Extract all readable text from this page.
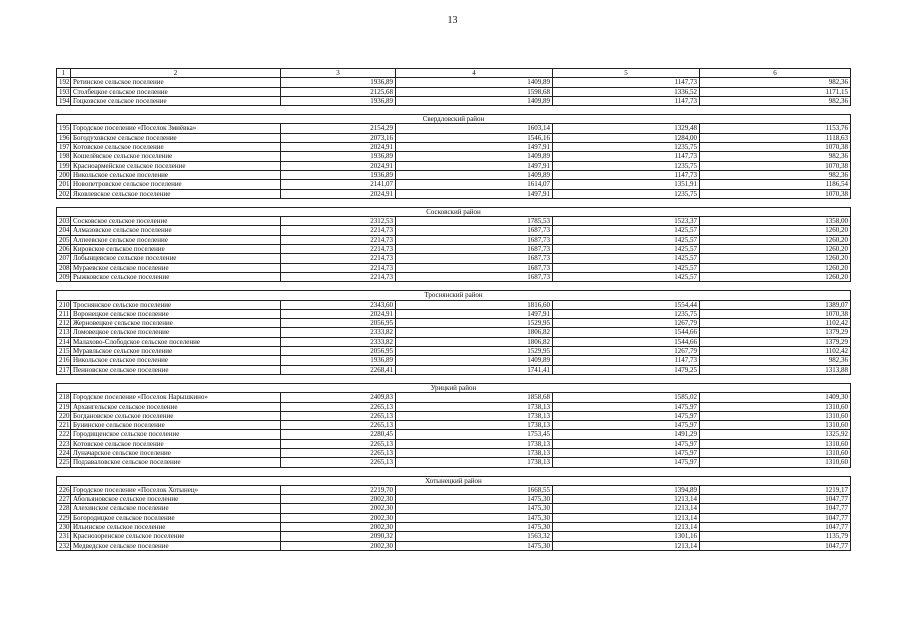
13
1	2	3	4	5	6
192	Ретинское сельское поселение	1936,89	1409,89	1147,73	982,36
193	Столбецкое сельское поселение	2125,68	1598,68	1336,52	1171,15
194	Гоцковское сельское поселение	1936,89	1409,89	1147,73	982,36

Свердловский район					
195	Городское поселение «Поселок Змиёвка»	2154,29	1603,14	1329,48	1153,76
196	Богодуховское сельское поселение	2073,16	1546,16	1284,00	1118,63
197	Котовское сельское поселение	2024,91	1497,91	1235,75	1070,38
198	Кошелёвское сельское поселение	1936,89	1409,89	1147,73	982,36
199	Красноармейское сельское поселение	2024,91	1497,91	1235,75	1070,38
200	Никольское сельское поселение	1936,89	1409,89	1147,73	982,36
201	Новопетровское сельское поселение	2141,07	1614,07	1351,91	1186,54
202	Яковлевское сельское поселение	2024,91	1497,91	1235,75	1070,38

Сосковский район					
203	Сосковское сельское поселение	2312,53	1785,53	1523,37	1358,00
204	Алмазовское сельское поселение	2214,73	1687,73	1425,57	1260,20
205	Алпеевское сельское поселение	2214,73	1687,73	1425,57	1260,20
206	Кировское сельское поселение	2214,73	1687,73	1425,57	1260,20
207	Лобынцевское сельское поселение	2214,73	1687,73	1425,57	1260,20
208	Мураевское сельское поселение	2214,73	1687,73	1425,57	1260,20
209	Рыжковское сельское поселение	2214,73	1687,73	1425,57	1260,20

Троснянский район					
210	Троснянское сельское поселение	2343,60	1816,60	1554,44	1389,07
211	Воронецкое сельское поселение	2024,91	1497,91	1235,75	1070,38
212	Жерновецкое сельское поселение	2056,95	1529,95	1267,79	1102,42
213	Ломовецкое сельское поселение	2333,82	1806,82	1544,66	1379,29
214	Малахово-Слободское сельское поселение	2333,82	1806,82	1544,66	1379,29
215	Муравльское сельское поселение	2056,95	1529,95	1267,79	1102,42
216	Никольское сельское поселение	1936,89	1409,89	1147,73	982,36
217	Пенновское сельское поселение	2268,41	1741,41	1479,25	1313,88

Урицкий район					
218	Городское поселение «Поселок Нарышкино»	2409,83	1858,68	1585,02	1409,30
219	Архангельское сельское поселение	2265,13	1738,13	1475,97	1310,60
220	Богдановское сельское поселение	2265,13	1738,13	1475,97	1310,60
221	Бунинское сельское поселение	2265,13	1738,13	1475,97	1310,60
222	Городищенское сельское поселение	2280,45	1753,45	1491,29	1325,92
223	Котовское сельское поселение	2265,13	1738,13	1475,97	1310,60
224	Луначарское сельское поселение	2265,13	1738,13	1475,97	1310,60
225	Подзаваловское сельское поселение	2265,13	1738,13	1475,97	1310,60

Хотынецкий район					
226	Городское поселение «Поселок Хотынец»	2219,70	1668,55	1394,89	1219,17
227	Абольяновское сельское поселение	2002,30	1475,30	1213,14	1047,77
228	Алехинское сельское поселение	2002,30	1475,30	1213,14	1047,77
229	Богородицкое сельское поселение	2002,30	1475,30	1213,14	1047,77
230	Ильинское сельское поселение	2002,30	1475,30	1213,14	1047,77
231	Краснозоренское сельское поселение	2090,32	1563,32	1301,16	1135,79
232	Медведское сельское поселение	2002,30	1475,30	1213,14	1047,77
